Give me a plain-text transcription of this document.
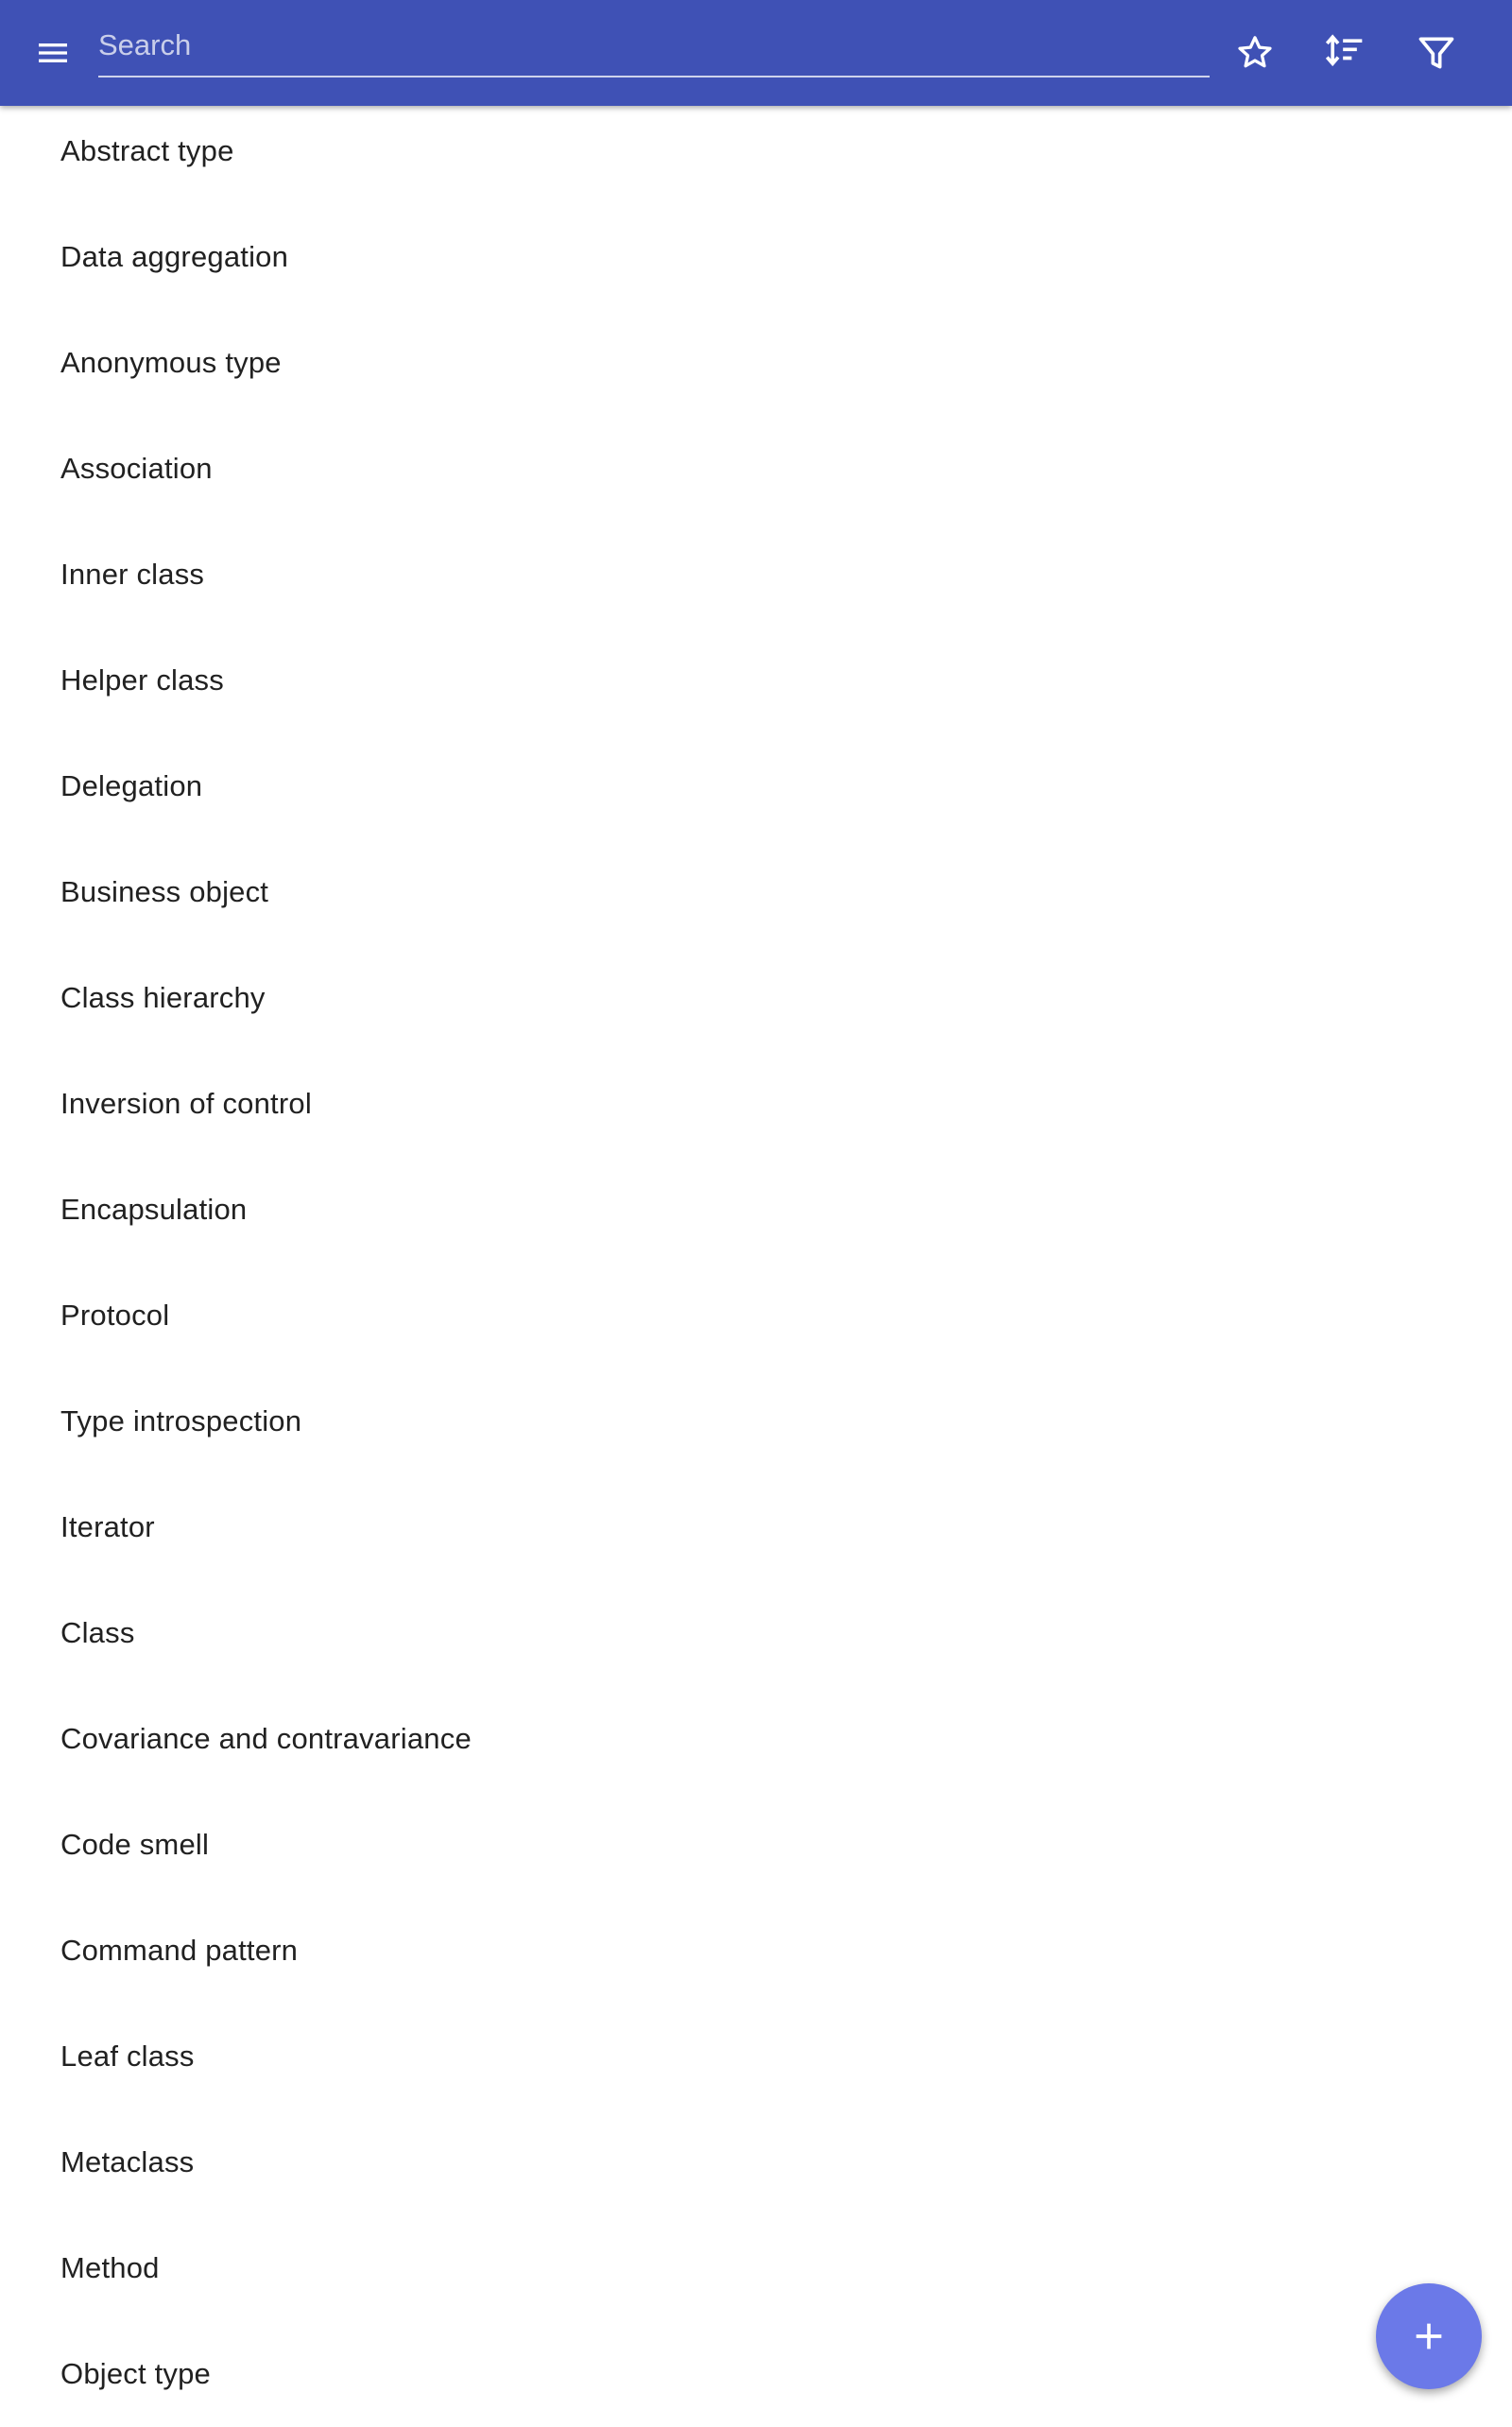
Search
Abstract type
Data aggregation
Anonymous type
Association
Inner class
Helper class
Delegation
Business object
Class hierarchy
Inversion of control
Encapsulation
Protocol
Type introspection
Iterator
Class
Covariance and contravariance
Code smell
Command pattern
Leaf class
Metaclass
Method
Object type
